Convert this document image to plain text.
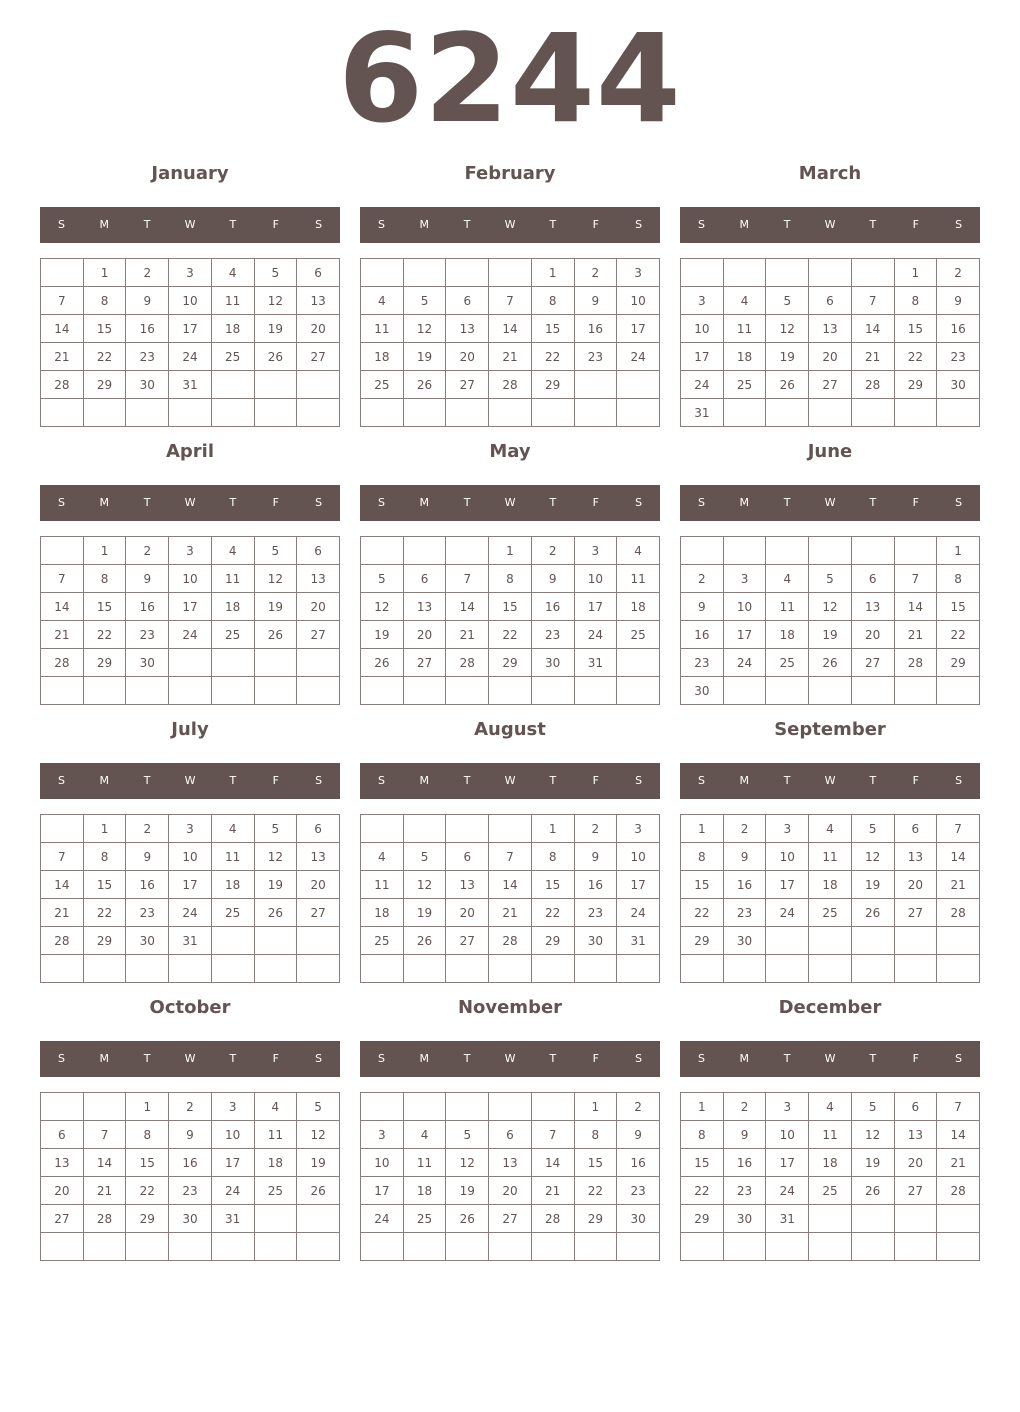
6244
January
S	M	T	W	T	F	S
	1	2	3	4	5	6
7	8	9	10	11	12	13
14	15	16	17	18	19	20
21	22	23	24	25	26	27
28	29	30	31			

February
S	M	T	W	T	F	S
				1	2	3
4	5	6	7	8	9	10
11	12	13	14	15	16	17
18	19	20	21	22	23	24
25	26	27	28	29		

March
S	M	T	W	T	F	S
					1	2
3	4	5	6	7	8	9
10	11	12	13	14	15	16
17	18	19	20	21	22	23
24	25	26	27	28	29	30
31						
April
S	M	T	W	T	F	S
	1	2	3	4	5	6
7	8	9	10	11	12	13
14	15	16	17	18	19	20
21	22	23	24	25	26	27
28	29	30				

May
S	M	T	W	T	F	S
			1	2	3	4
5	6	7	8	9	10	11
12	13	14	15	16	17	18
19	20	21	22	23	24	25
26	27	28	29	30	31	

June
S	M	T	W	T	F	S
						1
2	3	4	5	6	7	8
9	10	11	12	13	14	15
16	17	18	19	20	21	22
23	24	25	26	27	28	29
30						
July
S	M	T	W	T	F	S
	1	2	3	4	5	6
7	8	9	10	11	12	13
14	15	16	17	18	19	20
21	22	23	24	25	26	27
28	29	30	31			

August
S	M	T	W	T	F	S
				1	2	3
4	5	6	7	8	9	10
11	12	13	14	15	16	17
18	19	20	21	22	23	24
25	26	27	28	29	30	31

September
S	M	T	W	T	F	S
1	2	3	4	5	6	7
8	9	10	11	12	13	14
15	16	17	18	19	20	21
22	23	24	25	26	27	28
29	30					

October
S	M	T	W	T	F	S
		1	2	3	4	5
6	7	8	9	10	11	12
13	14	15	16	17	18	19
20	21	22	23	24	25	26
27	28	29	30	31		

November
S	M	T	W	T	F	S
					1	2
3	4	5	6	7	8	9
10	11	12	13	14	15	16
17	18	19	20	21	22	23
24	25	26	27	28	29	30

December
S	M	T	W	T	F	S
1	2	3	4	5	6	7
8	9	10	11	12	13	14
15	16	17	18	19	20	21
22	23	24	25	26	27	28
29	30	31				
